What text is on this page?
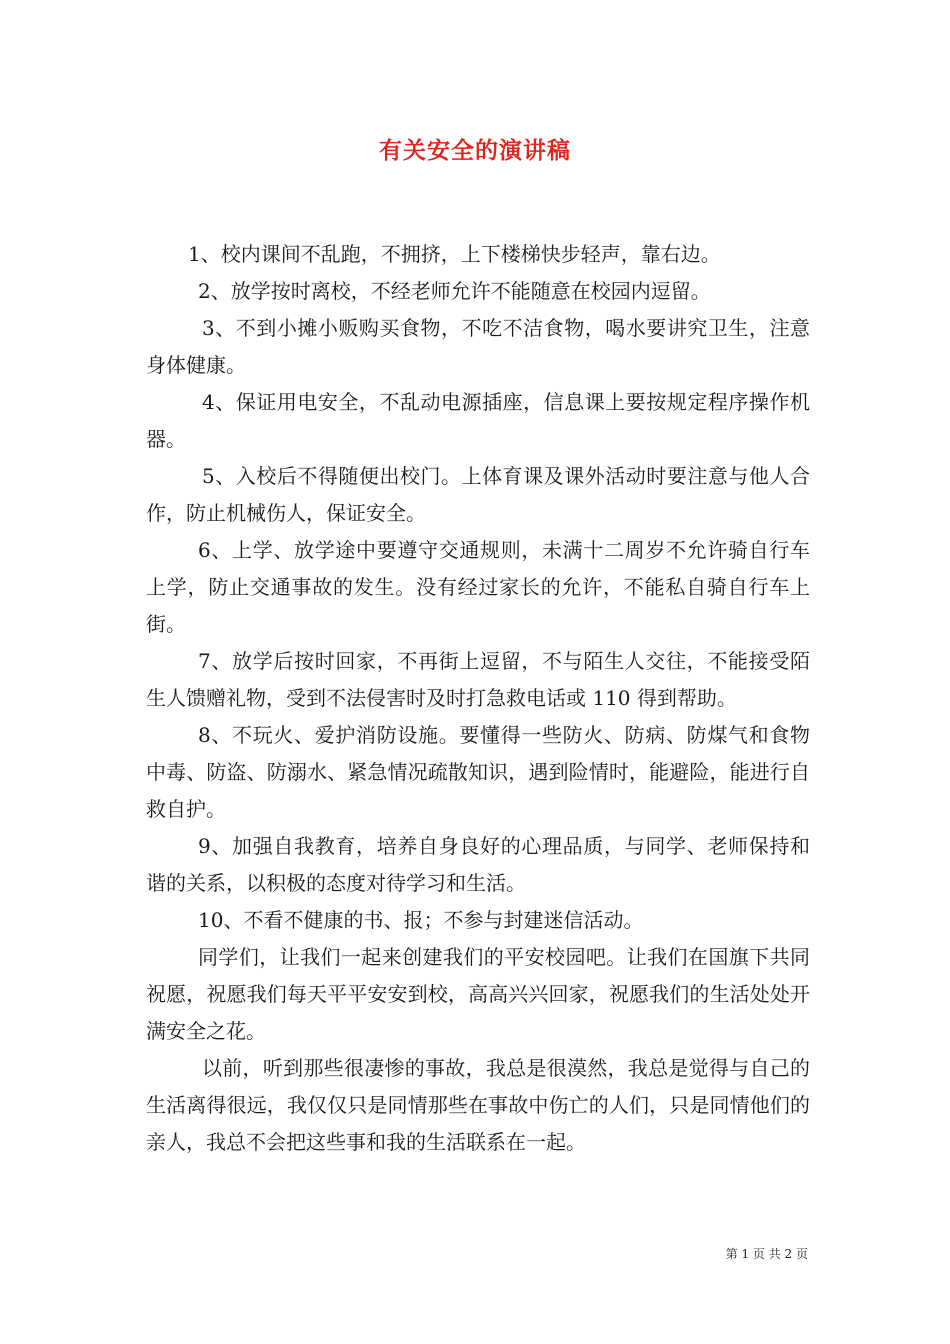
有关安全的演讲稿

1、校内课间不乱跑，不拥挤，上下楼梯快步轻声，靠右边。

2、放学按时离校，不经老师允许不能随意在校园内逗留。

3、不到小摊小贩购买食物，不吃不洁食物，喝水要讲究卫生，注意身体健康。

4、保证用电安全，不乱动电源插座，信息课上要按规定程序操作机器。

5、入校后不得随便出校门。上体育课及课外活动时要注意与他人合作，防止机械伤人，保证安全。

6、上学、放学途中要遵守交通规则，未满十二周岁不允许骑自行车上学，防止交通事故的发生。没有经过家长的允许，不能私自骑自行车上街。

7、放学后按时回家，不再街上逗留，不与陌生人交往，不能接受陌生人馈赠礼物，受到不法侵害时及时打急救电话或 110 得到帮助。

8、不玩火、爱护消防设施。要懂得一些防火、防病、防煤气和食物中毒、防盗、防溺水、紧急情况疏散知识，遇到险情时，能避险，能进行自救自护。

9、加强自我教育，培养自身良好的心理品质，与同学、老师保持和谐的关系，以积极的态度对待学习和生活。

10、不看不健康的书、报；不参与封建迷信活动。

同学们，让我们一起来创建我们的平安校园吧。让我们在国旗下共同祝愿，祝愿我们每天平平安安到校，高高兴兴回家，祝愿我们的生活处处开满安全之花。

以前，听到那些很凄惨的事故，我总是很漠然，我总是觉得与自己的生活离得很远，我仅仅只是同情那些在事故中伤亡的人们，只是同情他们的亲人，我总不会把这些事和我的生活联系在一起。

第 1 页 共 2 页
